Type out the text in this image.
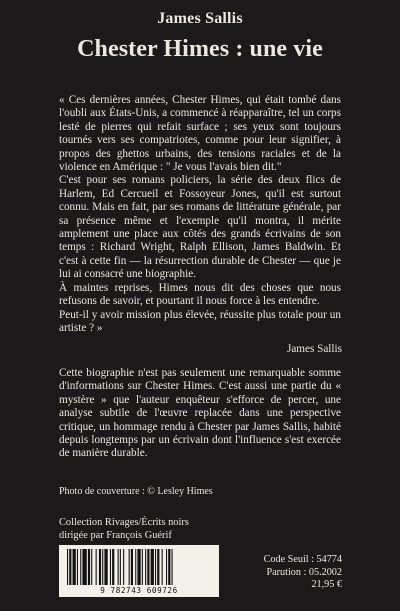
James Sallis
Chester Himes : une vie

« Ces dernières années, Chester Himes, qui était tombé dans l'oubli aux États-Unis, a commencé à réapparaître, tel un corps lesté de pierres qui refait surface ; ses yeux sont toujours tournés vers ses compatriotes, comme pour leur signifier, à propos des ghettos urbains, des tensions raciales et de la violence en Amérique : " Je vous l'avais bien dit."

C'est pour ses romans policiers, la série des deux flics de Harlem, Ed Cercueil et Fossoyeur Jones, qu'il est surtout connu. Mais en fait, par ses romans de littérature générale, par sa présence même et l'exemple qu'il montra, il mérite amplement une place aux côtés des grands écrivains de son temps : Richard Wright, Ralph Ellison, James Baldwin. Et c'est à cette fin — la résurrection durable de Chester — que je lui ai consacré une biographie.

À maintes reprises, Himes nous dit des choses que nous refusons de savoir, et pourtant il nous force à les entendre.

Peut-il y avoir mission plus élevée, réussite plus totale pour un artiste ? »

James Sallis

Cette biographie n'est pas seulement une remarquable somme d'informations sur Chester Himes. C'est aussi une partie du « mystère » que l'auteur enquêteur s'efforce de percer, une analyse subtile de l'œuvre replacée dans une perspective critique, un hommage rendu à Chester par James Sallis, habité depuis longtemps par un écrivain dont l'influence s'est exercée de manière durable.

Photo de couverture : © Lesley Himes
Collection Rivages/Écrits noirs
dirigée par François Guérif
9 782743 609726
Code Seuil : 54774
Parution : 05.2002
21,95 €
